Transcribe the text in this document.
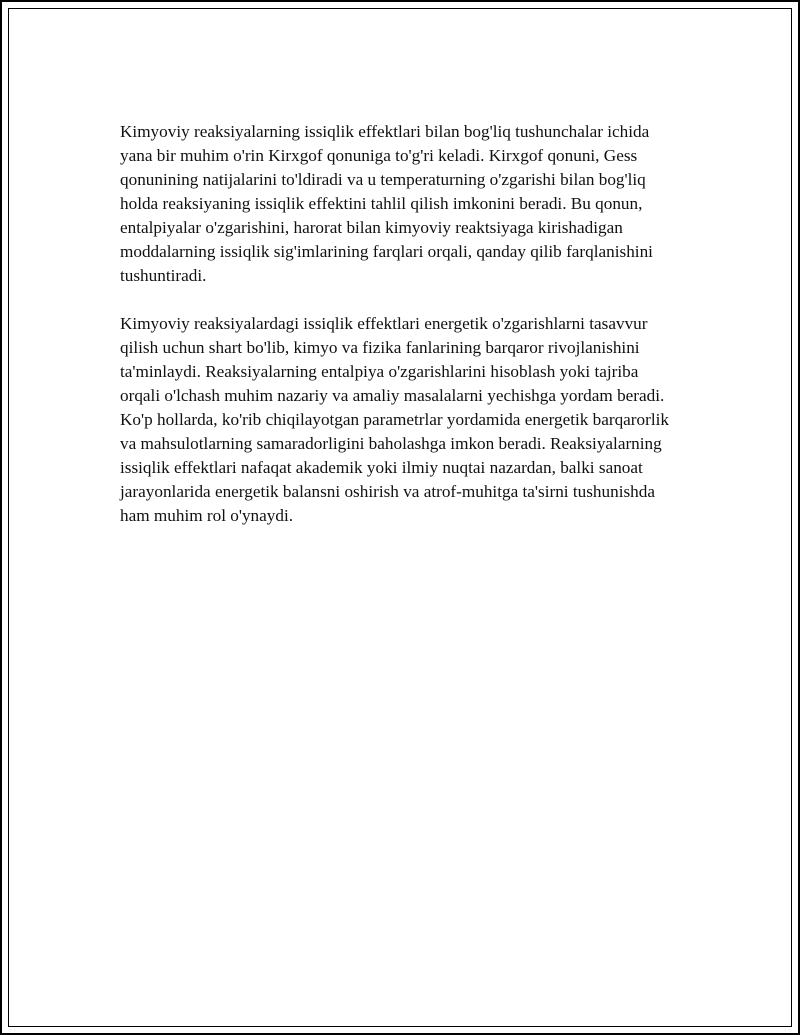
Kimyoviy reaksiyalarning issiqlik effektlari bilan bog'liq tushunchalar ichida yana bir muhim o'rin Kirxgof qonuniga to'g'ri keladi. Kirxgof qonuni, Gess qonunining natijalarini to'ldiradi va u temperaturning o'zgarishi bilan bog'liq holda reaksiyaning issiqlik effektini tahlil qilish imkonini beradi. Bu qonun, entalpiyalar o'zgarishini, harorat bilan kimyoviy reaktsiyaga kirishadigan moddalarning issiqlik sig'imlarining farqlari orqali, qanday qilib farqlanishini tushuntiradi.

Kimyoviy reaksiyalardagi issiqlik effektlari energetik o'zgarishlarni tasavvur qilish uchun shart bo'lib, kimyo va fizika fanlarining barqaror rivojlanishini ta'minlaydi. Reaksiyalarning entalpiya o'zgarishlarini hisoblash yoki tajriba orqali o'lchash muhim nazariy va amaliy masalalarni yechishga yordam beradi. Ko'p hollarda, ko'rib chiqilayotgan parametrlar yordamida energetik barqarorlik va mahsulotlarning samaradorligini baholashga imkon beradi. Reaksiyalarning issiqlik effektlari nafaqat akademik yoki ilmiy nuqtai nazardan, balki sanoat jarayonlarida energetik balansni oshirish va atrof-muhitga ta'sirni tushunishda ham muhim rol o'ynaydi.
